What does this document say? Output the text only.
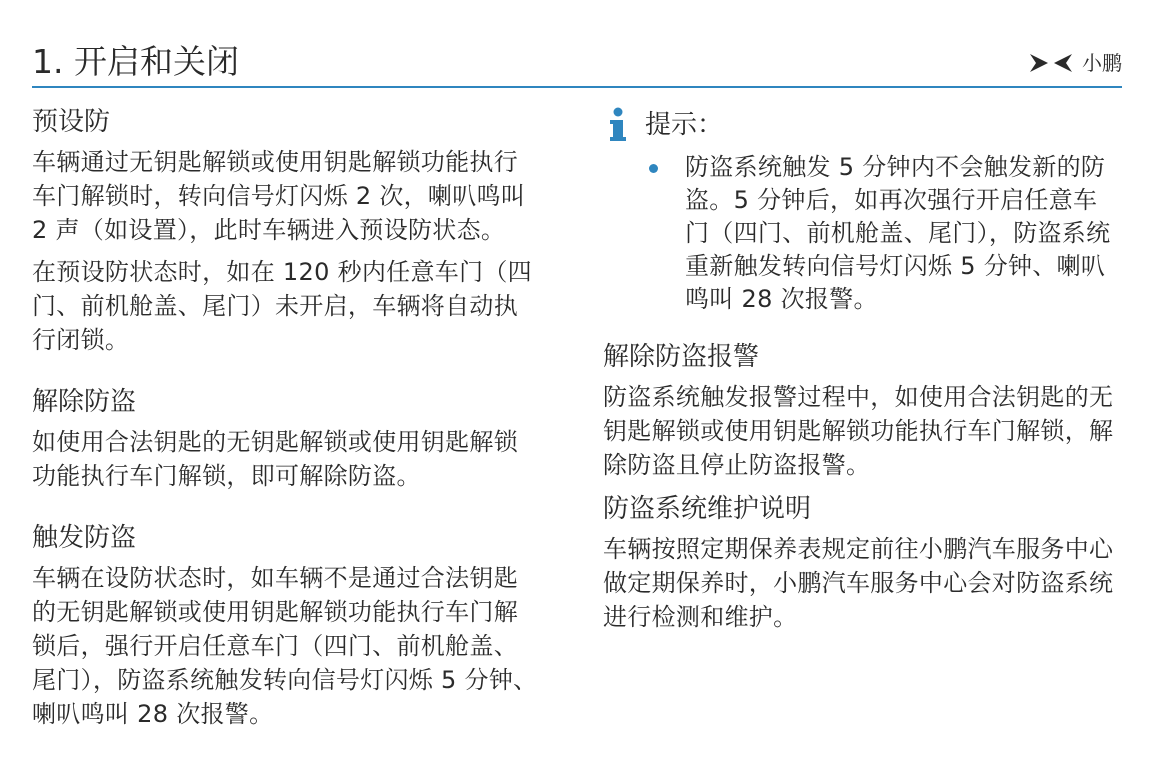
1. 开启和关闭	小鹏
预设防

车辆通过无钥匙解锁或使用钥匙解锁功能执行车门解锁时，转向信号灯闪烁 2 次，喇叭鸣叫 2 声（如设置），此时车辆进入预设防状态。

在预设防状态时，如在 120 秒内任意车门（四门、前机舱盖、尾门）未开启，车辆将自动执行闭锁。

解除防盗

如使用合法钥匙的无钥匙解锁或使用钥匙解锁功能执行车门解锁，即可解除防盗。

触发防盗

车辆在设防状态时，如车辆不是通过合法钥匙的无钥匙解锁或使用钥匙解锁功能执行车门解锁后，强行开启任意车门（四门、前机舱盖、尾门），防盗系统触发转向信号灯闪烁 5 分钟、喇叭鸣叫 28 次报警。

提示：
防盗系统触发 5 分钟内不会触发新的防盗。5 分钟后，如再次强行开启任意车门（四门、前机舱盖、尾门），防盗系统重新触发转向信号灯闪烁 5 分钟、喇叭鸣叫 28 次报警。
解除防盗报警

防盗系统触发报警过程中，如使用合法钥匙的无钥匙解锁或使用钥匙解锁功能执行车门解锁，解除防盗且停止防盗报警。

防盗系统维护说明

车辆按照定期保养表规定前往小鹏汽车服务中心做定期保养时，小鹏汽车服务中心会对防盗系统进行检测和维护。
